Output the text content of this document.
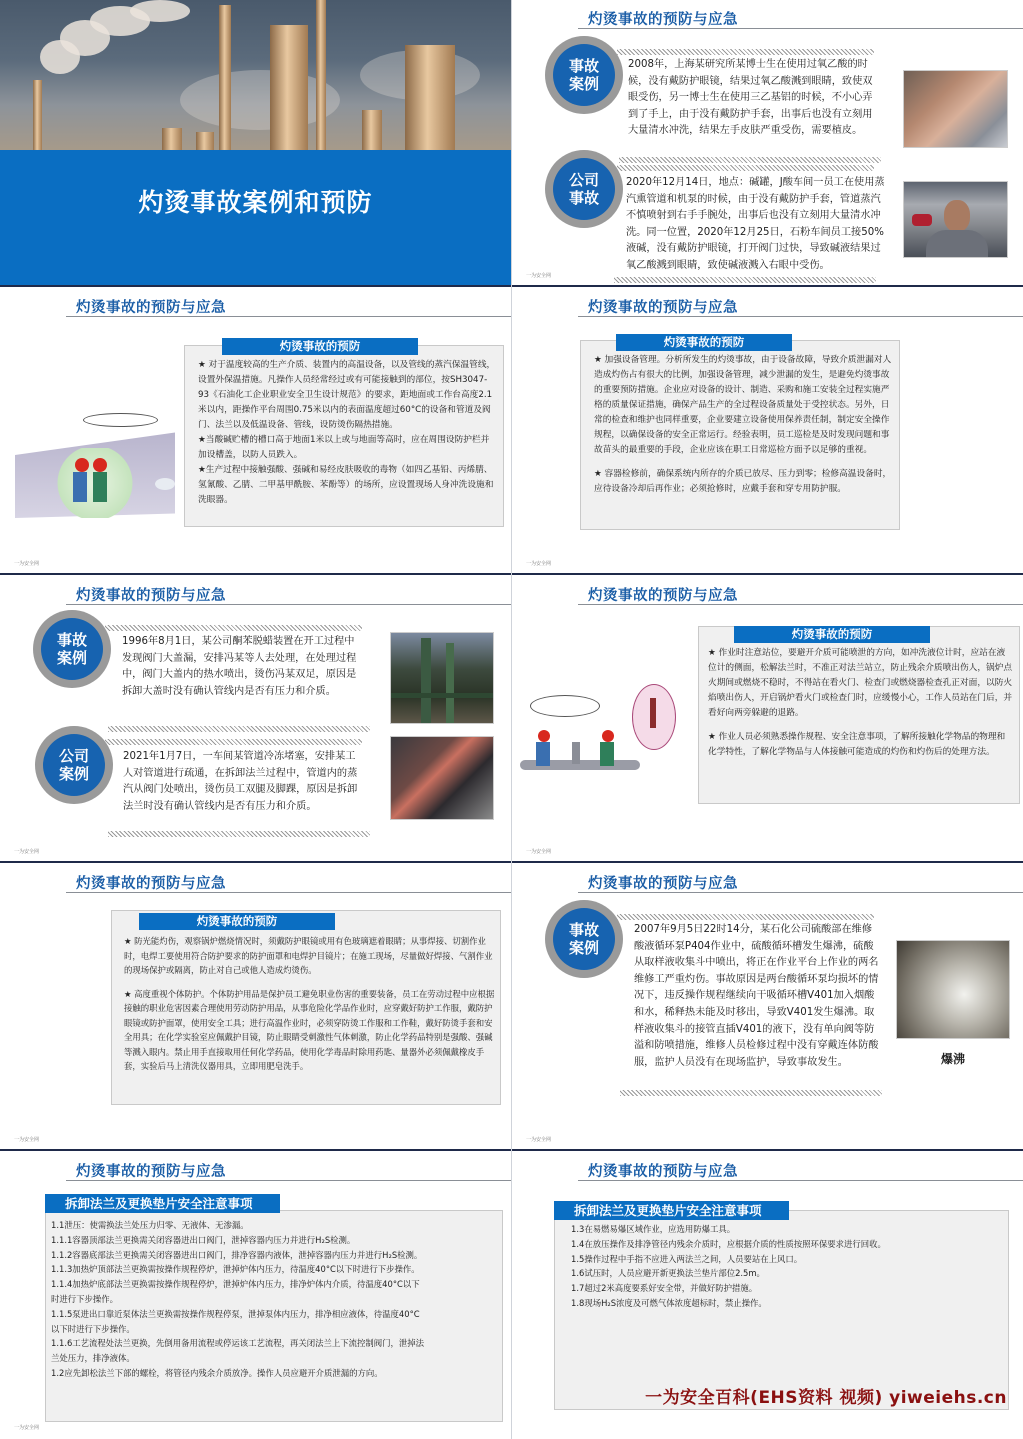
灼烫事故案例和预防
灼烫事故的预防与应急
事故
案例
2008年，上海某研究所某博士生在使用过氧乙酸的时候，没有戴防护眼镜，结果过氧乙酸溅到眼睛，致使双眼受伤，另一博士生在使用三乙基铝的时候，不小心弄到了手上，由于没有戴防护手套，出事后也没有立刻用大量清水冲洗，结果左手皮肤严重受伤，需要植皮。
公司
事故
2020年12月14日，地点：碱罐，J酸车间一员工在使用蒸汽熏管道和机泵的时候，由于没有戴防护手套，管道蒸汽不慎喷射到右手手腕处，出事后也没有立刻用大量清水冲洗。同一位置，2020年12月25日，石粉车间员工接50%液碱，没有戴防护眼镜，打开阀门过快，导致碱液结果过氧乙酸溅到眼睛，致使碱液溅入右眼中受伤。
一为安全网
灼烫事故的预防与应急
灼烫事故的预防

★ 对于温度较高的生产介质、装置内的高温设备，以及管线的蒸汽保温管线，设置外保温措施。凡操作人员经常经过或有可能接触到的部位，按SH3047-93《石油化工企业职业安全卫生设计规范》的要求，距地面或工作台高度2.1米以内，距操作平台周围0.75米以内的表面温度超过60°C的设备和管道及阀门、法兰以及低温设备、管线，设防烫伤隔热措施。

★当酸碱贮槽的槽口高于地面1米以上或与地面等高时，应在周围设防护栏并加设槽盖，以防人员跌入。

★生产过程中接触强酸、强碱和易经皮肤吸收的毒物（如四乙基铅、丙烯腈、氢氰酸、乙腈、二甲基甲酰胺、苯酚等）的场所，应设置现场人身冲洗设施和洗眼器。

一为安全网
灼烫事故的预防与应急
灼烫事故的预防

★ 加强设备管理。分析所发生的灼烫事故，由于设备故障，导致介质泄漏对人造成灼伤占有很大的比例，加强设备管理，减少泄漏的发生，是避免灼烫事故的重要预防措施。企业应对设备的设计、制造、采购和施工安装全过程实施严格的质量保证措施，确保产品生产的全过程设备质量处于受控状态。另外，日常的检查和维护也同样重要，企业要建立设备使用保养责任制，制定安全操作规程，以确保设备的安全正常运行。经验表明，员工巡检是及时发现问题和事故苗头的最重要的手段，企业应该在职工日常巡检方面予以足够的重视。

★ 容器检修前，确保系统内所存的介质已放尽、压力到零；检修高温设备时，应待设备冷却后再作业；必须抢修时，应戴手套和穿专用防护服。

一为安全网
灼烫事故的预防与应急
事故
案例
1996年8月1日，某公司酮苯脱蜡装置在开工过程中发现阀门大盖漏，安排冯某等人去处理，在处理过程中，阀门大盖内的热水喷出，烫伤冯某双足，原因是拆卸大盖时没有确认管线内是否有压力和介质。
公司
案例
2021年1月7日，一车间某管道冷冻堵塞，安排某工人对管道进行疏通，在拆卸法兰过程中，管道内的蒸汽从阀门处喷出，烫伤员工双腿及脚踝，原因是拆卸法兰时没有确认管线内是否有压力和介质。
一为安全网
灼烫事故的预防与应急
灼烫事故的预防

★ 作业时注意站位，要避开介质可能喷泄的方向，如冲洗液位计时，应站在液位计的侧面，松解法兰时，不准正对法兰站立，防止残余介质喷出伤人，锅炉点火期间或燃烧不稳时，不得站在看火门、检查门或燃烧器检查孔正对面，以防火焰喷出伤人，开启锅炉看火门或检查门时，应缓慢小心，工作人员站在门后，并看好向两旁躲避的退路。

★ 作业人员必须熟悉操作规程、安全注意事项，了解所接触化学物品的物理和化学特性，了解化学物品与人体接触可能造成的灼伤和灼伤后的处理方法。

一为安全网
灼烫事故的预防与应急
灼烫事故的预防

★ 防光能灼伤，观察锅炉燃烧情况时，须戴防护眼镜或用有色玻璃遮着眼睛；从事焊接、切割作业时，电焊工要使用符合防护要求的防护面罩和电焊护目镜片；在施工现场，尽量做好焊接、气割作业的现场保护或隔离，防止对自己或他人造成灼烫伤。

★ 高度重视个体防护。个体防护用品是保护员工避免职业伤害的重要装备，员工在劳动过程中应根据接触的职业危害因素合理使用劳动防护用品，从事危险化学品作业时，应穿戴好防护工作服，戴防护眼镜或防护面罩，使用安全工具；进行高温作业时，必须穿防烫工作服和工作鞋，戴好防烫手套和安全用具；在化学实验室应佩戴护目镜，防止眼睛受刺激性气体刺激，防止化学药品特别是强酸、强碱等溅入眼内。禁止用手直接取用任何化学药品，使用化学毒品时除用药匙、量器外必须佩戴橡皮手套，实验后马上清洗仪器用具，立即用肥皂洗手。

一为安全网
灼烫事故的预防与应急
事故
案例
2007年9月5日22时14分，某石化公司硫酸部在维修酸液循环泵P404作业中，硫酸循环槽发生爆沸，硫酸从取样液收集斗中喷出，将正在作业平台上作业的两名维修工严重灼伤。事故原因是两台酸循环泵均损坏的情况下，违反操作规程继续向干吸循环槽V401加入烟酸和水，稀释热未能及时移出，导致V401发生爆沸。取样液收集斗的接管直插V401的液下，没有单向阀等防溢和防喷措施，维修人员检修过程中没有穿戴连体防酸服，监护人员没有在现场监护，导致事故发生。	爆沸
一为安全网
灼烫事故的预防与应急
拆卸法兰及更换垫片安全注意事项
1.1泄压：使需换法兰处压力归零、无液体、无渗漏。
1.1.1容器顶部法兰更换需关闭容器进出口阀门，泄掉容器内压力并进行H₂S检测。
1.1.2容器底部法兰更换需关闭容器进出口阀门，排净容器内液体，泄掉容器内压力并进行H₂S检测。
1.1.3加热炉顶部法兰更换需按操作规程停炉，泄掉炉体内压力，待温度40°C以下时进行下步操作。
1.1.4加热炉底部法兰更换需按操作规程停炉，泄掉炉体内压力，排净炉体内介质，待温度40°C以下时进行下步操作。
1.1.5泵进出口靠近泵体法兰更换需按操作规程停泵，泄掉泵体内压力，排净相应液体，待温度40°C以下时进行下步操作。
1.1.6工艺流程处法兰更换，先倒用备用流程或停运该工艺流程，再关闭法兰上下流控制阀门，泄掉法兰处压力，排净液体。
1.2应先卸松法兰下部的螺栓，将管径内残余介质放净。操作人员应避开介质泄漏的方向。
一为安全网
灼烫事故的预防与应急
拆卸法兰及更换垫片安全注意事项
1.3在易燃易爆区域作业，应选用防爆工具。
1.4在放压操作及排净管径内残余介质时，应根据介质的性质按照环保要求进行回收。
1.5操作过程中手指不应进入两法兰之间，人员要站在上风口。
1.6试压时，人员应避开新更换法兰垫片部位2.5m。
1.7超过2米高度要系好安全带，并做好防护措施。
1.8现场H₂S浓度及可燃气体浓度超标时，禁止操作。
一为安全百科(EHS资料 视频) yiweiehs.cn
